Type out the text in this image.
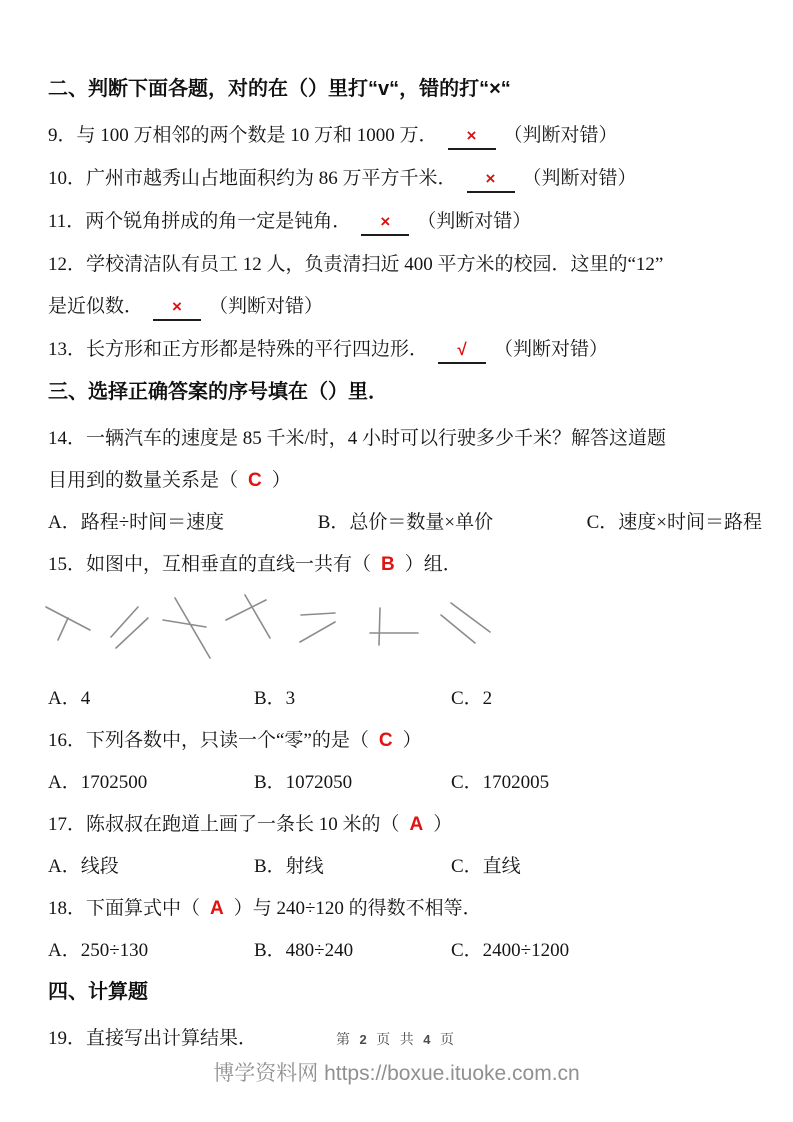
二、判断下面各题，对的在（）里打“v“，错的打“×“
9．与 100 万相邻的两个数是 10 万和 1000 万． × （判断对错）
10．广州市越秀山占地面积约为 86 万平方千米． × （判断对错）
11．两个锐角拼成的角一定是钝角． × （判断对错）
12．学校清洁队有员工 12 人，负责清扫近 400 平方米的校园．这里的“12”
是近似数． × （判断对错）
13．长方形和正方形都是特殊的平行四边形． √ （判断对错）
三、选择正确答案的序号填在（）里．
14．一辆汽车的速度是 85 千米/时，4 小时可以行驶多少千米？解答这道题
目用到的数量关系是（ C ）
A．路程÷时间＝速度	B．总价＝数量×单价	C．速度×时间＝路程
15．如图中，互相垂直的直线一共有（ B ）组．
A．4	B．3	C．2
16．下列各数中，只读一个“零”的是（ C ）
A．1702500	B．1072050	C．1702005
17．陈叔叔在跑道上画了一条长 10 米的（ A ）
A．线段	B．射线	C．直线
18．下面算式中（ A ）与 240÷120 的得数不相等．
A．250÷130	B．480÷240	C．2400÷1200
四、计算题
19．直接写出计算结果．	第 2 页 共 4 页
博学资料网 https://boxue.ituoke.com.cn
